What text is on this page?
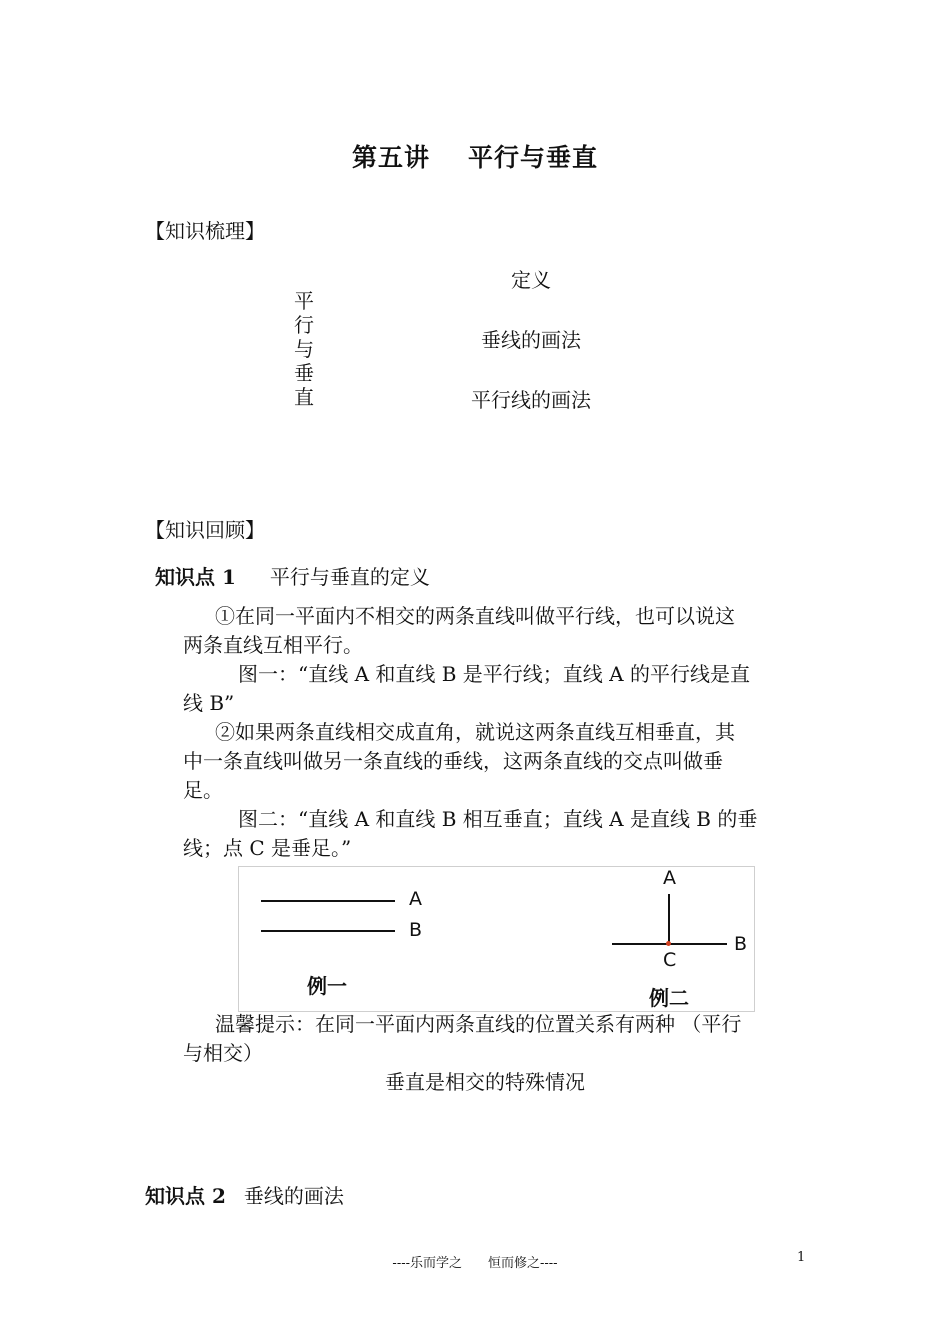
第五讲 平行与垂直
【知识梳理】
平
行
与
垂
直
定义
垂线的画法
平行线的画法
【知识回顾】
知识点 1 平行与垂直的定义
①在同一平面内不相交的两条直线叫做平行线，也可以说这
两条直线互相平行。
图一：“直线 A 和直线 B 是平行线；直线 A 的平行线是直
线 B”
②如果两条直线相交成直角，就说这两条直线互相垂直，其
中一条直线叫做另一条直线的垂线，这两条直线的交点叫做垂
足。
图二：“直线 A 和直线 B 相互垂直；直线 A 是直线 B 的垂
线；点 C 是垂足。”
A
B
例一
A
B
C
例二
温馨提示：在同一平面内两条直线的位置关系有两种 （平行
与相交）
垂直是相交的特殊情况
知识点 2 垂线的画法
----乐而学之　　恒而修之----	1
